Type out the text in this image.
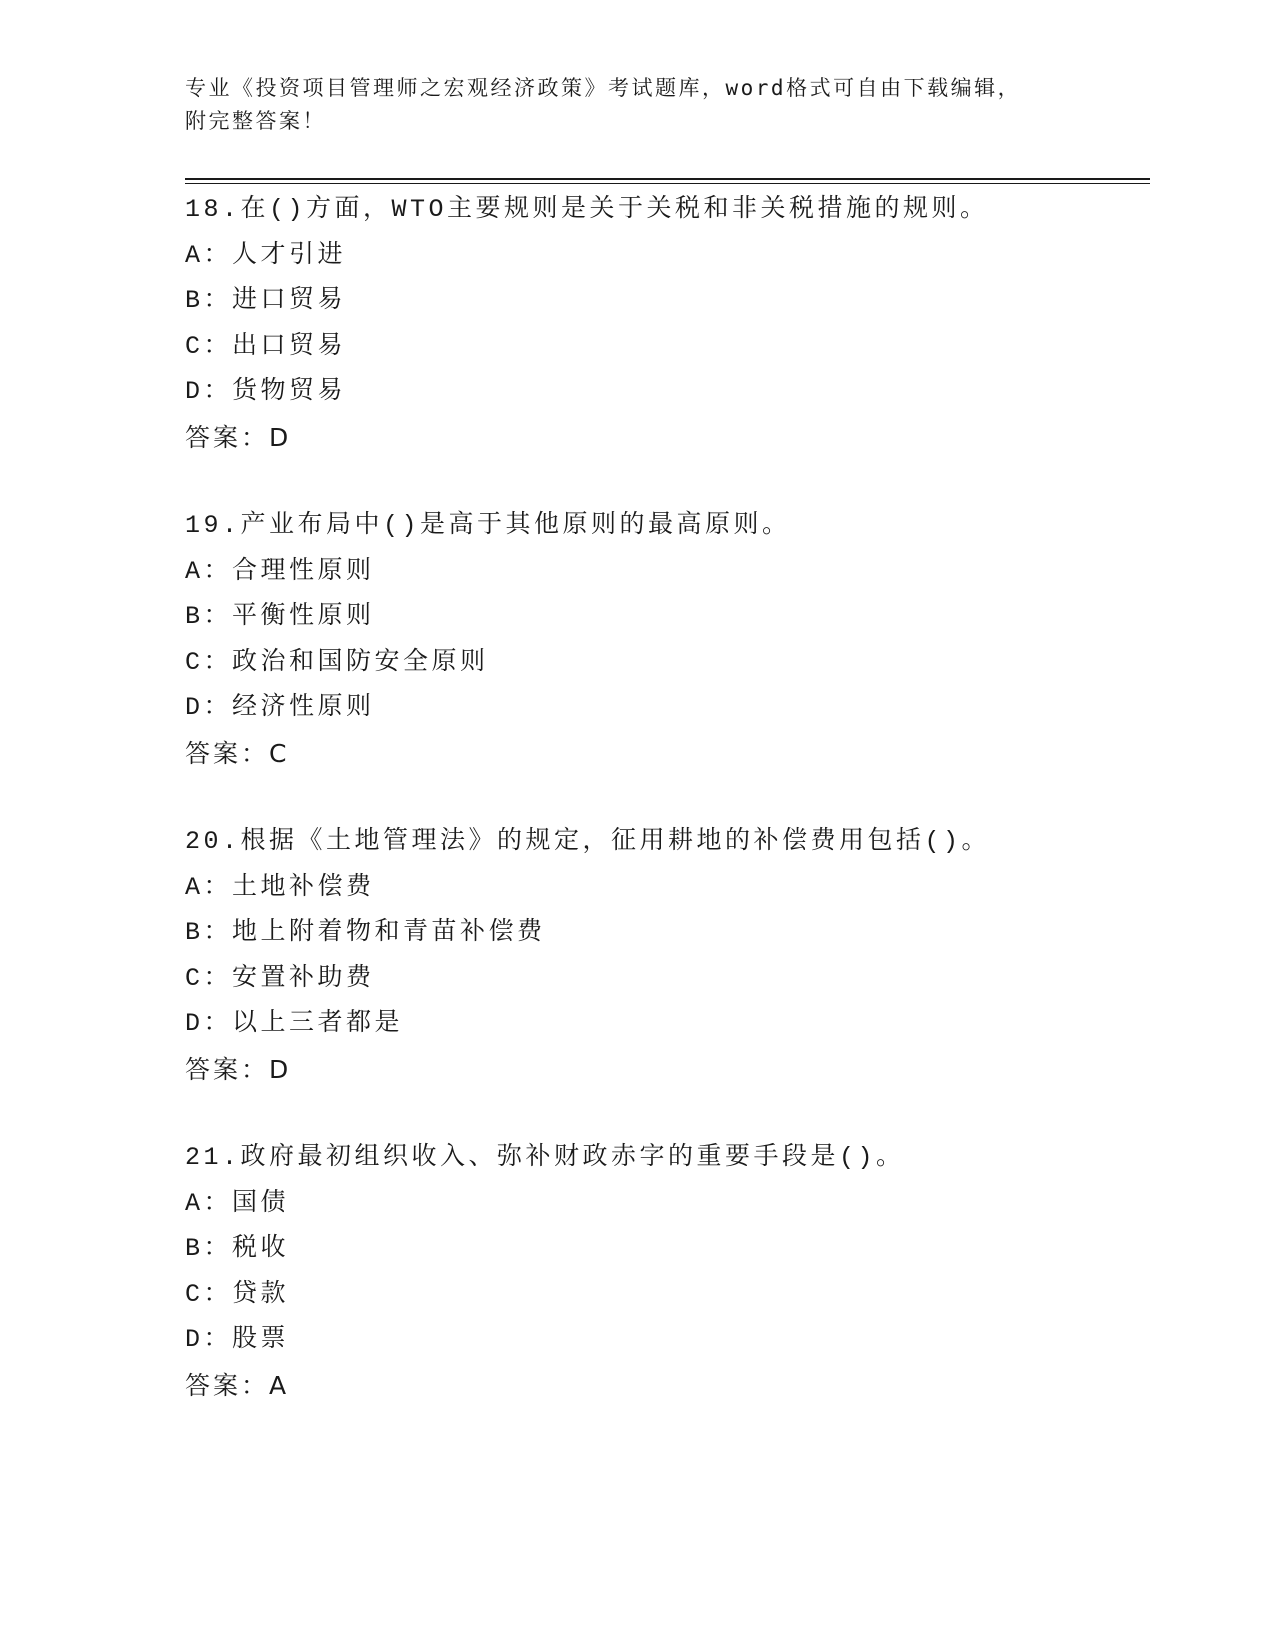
专业《投资项目管理师之宏观经济政策》考试题库，word格式可自由下载编辑，
附完整答案！
18.在()方面，WTO主要规则是关于关税和非关税措施的规则。
A：人才引进
B：进口贸易
C：出口贸易
D：货物贸易
答案：D
19.产业布局中()是高于其他原则的最高原则。
A：合理性原则
B：平衡性原则
C：政治和国防安全原则
D：经济性原则
答案：C
20.根据《土地管理法》的规定，征用耕地的补偿费用包括()。
A：土地补偿费
B：地上附着物和青苗补偿费
C：安置补助费
D：以上三者都是
答案：D
21.政府最初组织收入、弥补财政赤字的重要手段是()。
A：国债
B：税收
C：贷款
D：股票
答案：A
